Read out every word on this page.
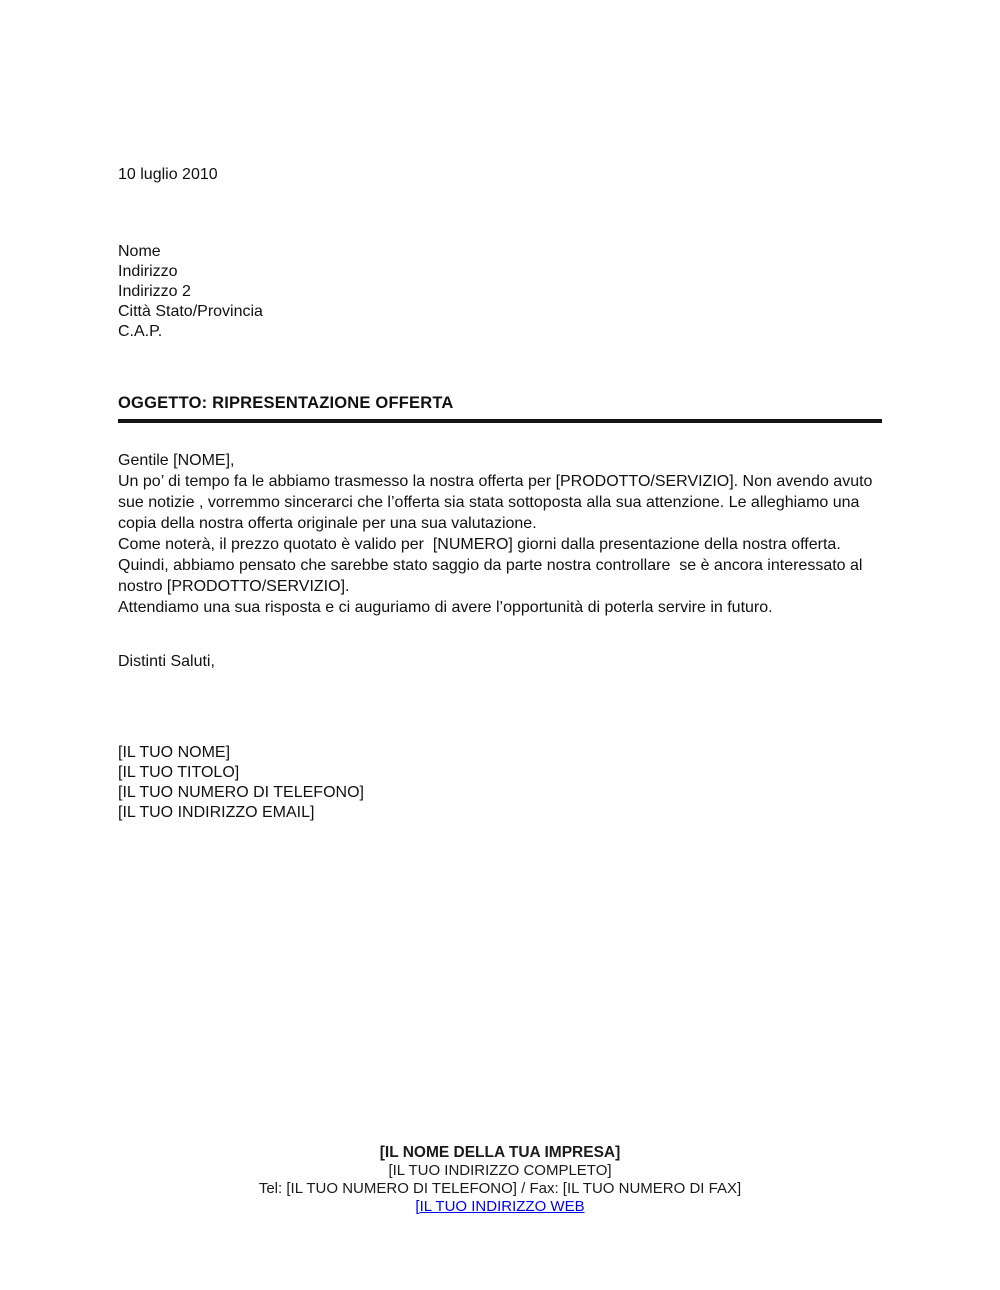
10 luglio 2010
Nome
Indirizzo
Indirizzo 2
Città Stato/Provincia
C.A.P.
OGGETTO: RIPRESENTAZIONE OFFERTA

Gentile [NOME],

Un po’ di tempo fa le abbiamo trasmesso la nostra offerta per [PRODOTTO/SERVIZIO]. Non avendo avuto sue notizie , vorremmo sincerarci che l’offerta sia stata sottoposta alla sua attenzione. Le alleghiamo una copia della nostra offerta originale per una sua valutazione.

Come noterà, il prezzo quotato è valido per  [NUMERO] giorni dalla presentazione della nostra offerta. Quindi, abbiamo pensato che sarebbe stato saggio da parte nostra controllare  se è ancora interessato al nostro [PRODOTTO/SERVIZIO].

Attendiamo una sua risposta e ci auguriamo di avere l’opportunità di poterla servire in futuro.

Distinti Saluti,

[IL TUO NOME]
[IL TUO TITOLO]
[IL TUO NUMERO DI TELEFONO]
[IL TUO INDIRIZZO EMAIL]
[IL NOME DELLA TUA IMPRESA]
[IL TUO INDIRIZZO COMPLETO]
Tel: [IL TUO NUMERO DI TELEFONO] / Fax: [IL TUO NUMERO DI FAX]
[IL TUO INDIRIZZO WEB
